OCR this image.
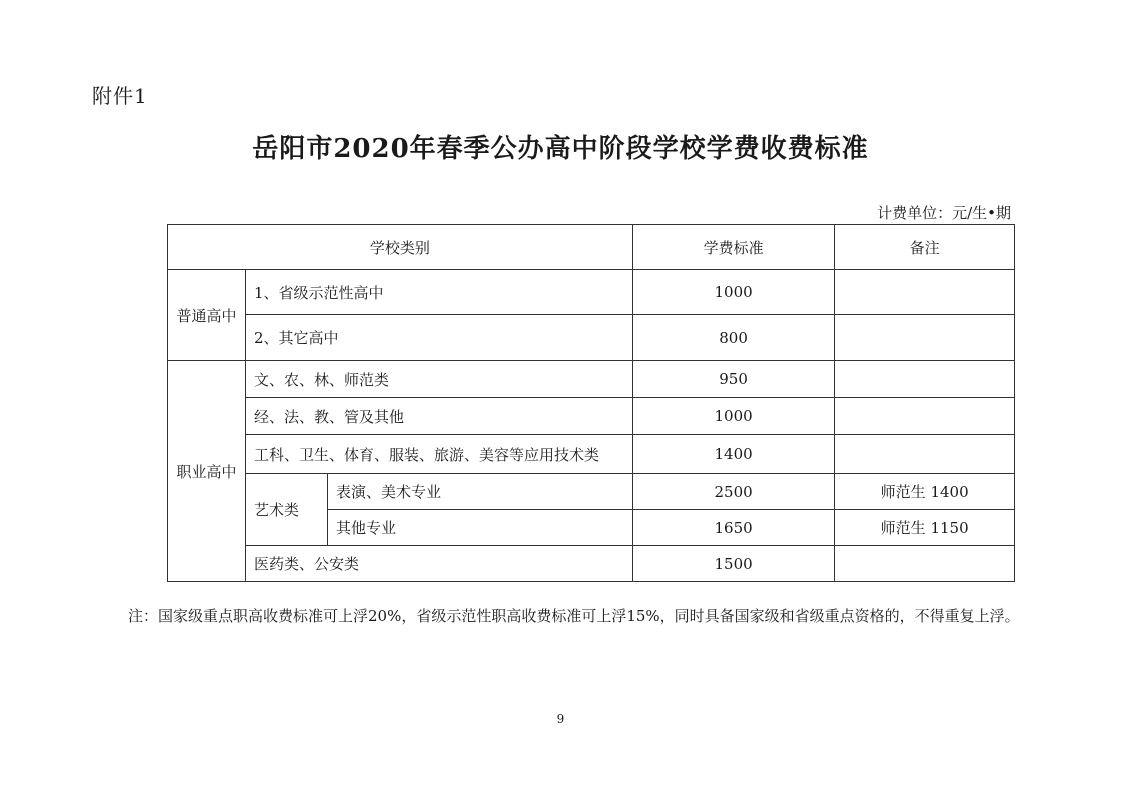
附件1
岳阳市2020年春季公办高中阶段学校学费收费标准
计费单位：元/生•期
学校类别			学费标准	备注
普通高中	1、省级示范性高中		1000	
	2、其它高中		800	
职业高中	文、农、林、师范类		950	
	经、法、教、管及其他		1000	
	工科、卫生、体育、服装、旅游、美容等应用技术类		1400	
	艺术类	表演、美术专业	2500	师范生 1400
		其他专业	1650	师范生 1150
	医药类、公安类		1500	
注：国家级重点职高收费标准可上浮20%，省级示范性职高收费标准可上浮15%，同时具备国家级和省级重点资格的，不得重复上浮。
9
